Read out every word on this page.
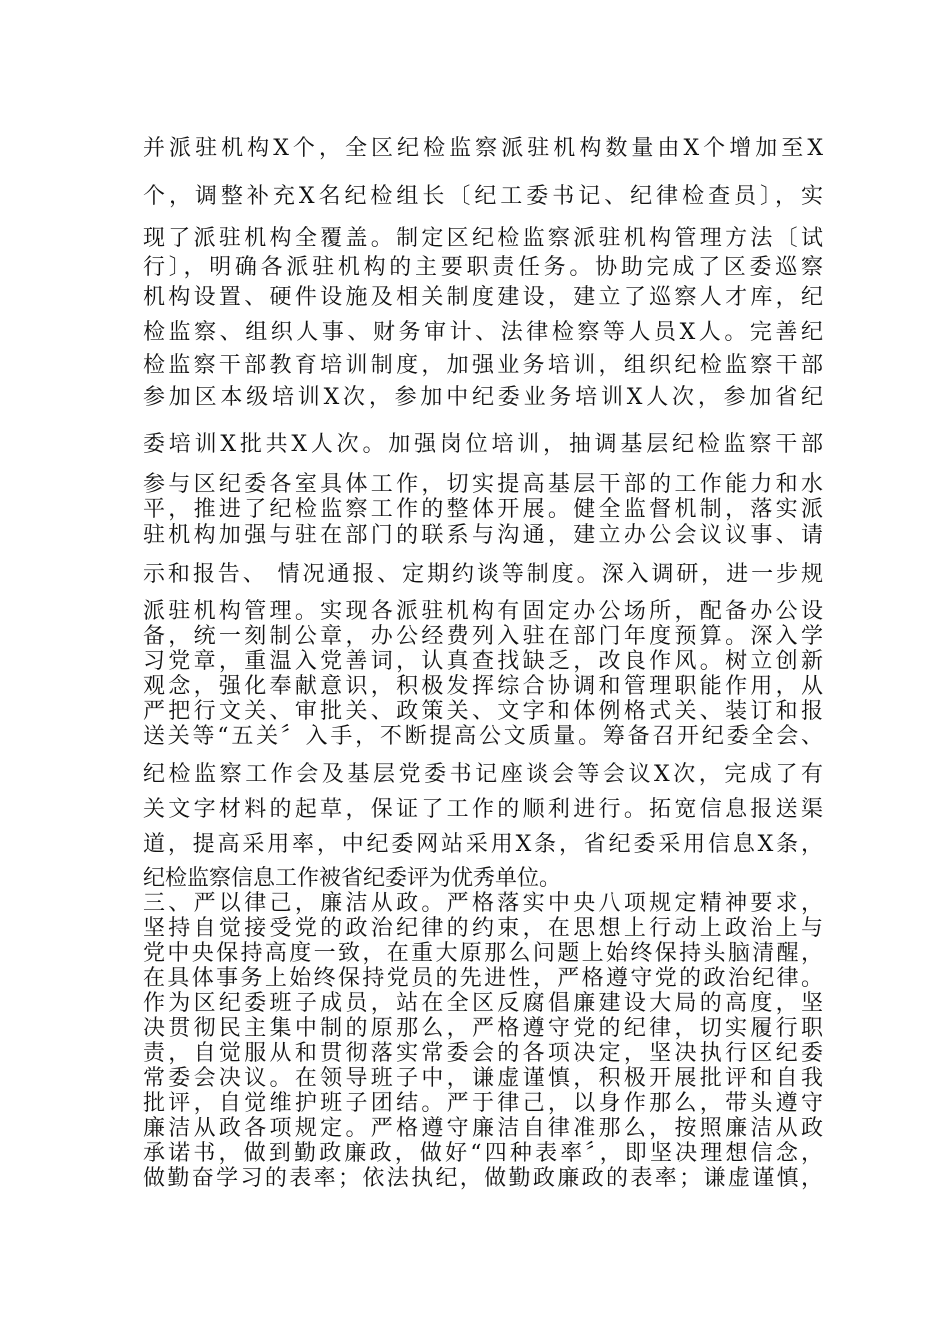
并派驻机构X个，全区纪检监察派驻机构数量由X个增加至X
个，调整补充X名纪检组长〔纪工委书记、纪律检查员〕，实
现了派驻机构全覆盖。制定区纪检监察派驻机构管理方法〔试
行〕，明确各派驻机构的主要职责任务。协助完成了区委巡察
机构设置、硬件设施及相关制度建设，建立了巡察人才库，纪
检监察、组织人事、财务审计、法律检察等人员X人。完善纪
检监察干部教育培训制度，加强业务培训，组织纪检监察干部
参加区本级培训X次，参加中纪委业务培训X人次，参加省纪
委培训X批共X人次。加强岗位培训，抽调基层纪检监察干部
参与区纪委各室具体工作，切实提高基层干部的工作能力和水
平，推进了纪检监察工作的整体开展。健全监督机制，落实派
驻机构加强与驻在部门的联系与沟通，建立办公会议议事、请
示和报告、 情况通报、定期约谈等制度。深入调研，进一步规
派驻机构管理。实现各派驻机构有固定办公场所，配备办公设
备，统一刻制公章，办公经费列入驻在部门年度预算。深入学
习党章，重温入党善词，认真查找缺乏，改良作风。树立创新
观念，强化奉献意识，积极发挥综合协调和管理职能作用，从
严把行文关、审批关、政策关、文字和体例格式关、装订和报
送关等“五关〞入手，不断提高公文质量。筹备召开纪委全会、
纪检监察工作会及基层党委书记座谈会等会议X次，完成了有
关文字材料的起草，保证了工作的顺利进行。拓宽信息报送渠
道，提高采用率，中纪委网站采用X条，省纪委采用信息X条，
纪检监察信息工作被省纪委评为优秀单位。
三、严以律己，廉洁从政。严格落实中央八项规定精神要求，
坚持自觉接受党的政治纪律的约束，在思想上行动上政治上与
党中央保持高度一致，在重大原那么问题上始终保持头脑清醒，
在具体事务上始终保持党员的先进性，严格遵守党的政治纪律。
作为区纪委班子成员，站在全区反腐倡廉建设大局的高度，坚
决贯彻民主集中制的原那么，严格遵守党的纪律，切实履行职
责，自觉服从和贯彻落实常委会的各项决定，坚决执行区纪委
常委会决议。在领导班子中，谦虚谨慎，积极开展批评和自我
批评，自觉维护班子团结。严于律己，以身作那么，带头遵守
廉洁从政各项规定。严格遵守廉洁自律准那么，按照廉洁从政
承诺书，做到勤政廉政，做好“四种表率〞，即坚决理想信念，
做勤奋学习的表率；依法执纪，做勤政廉政的表率；谦虚谨慎，
